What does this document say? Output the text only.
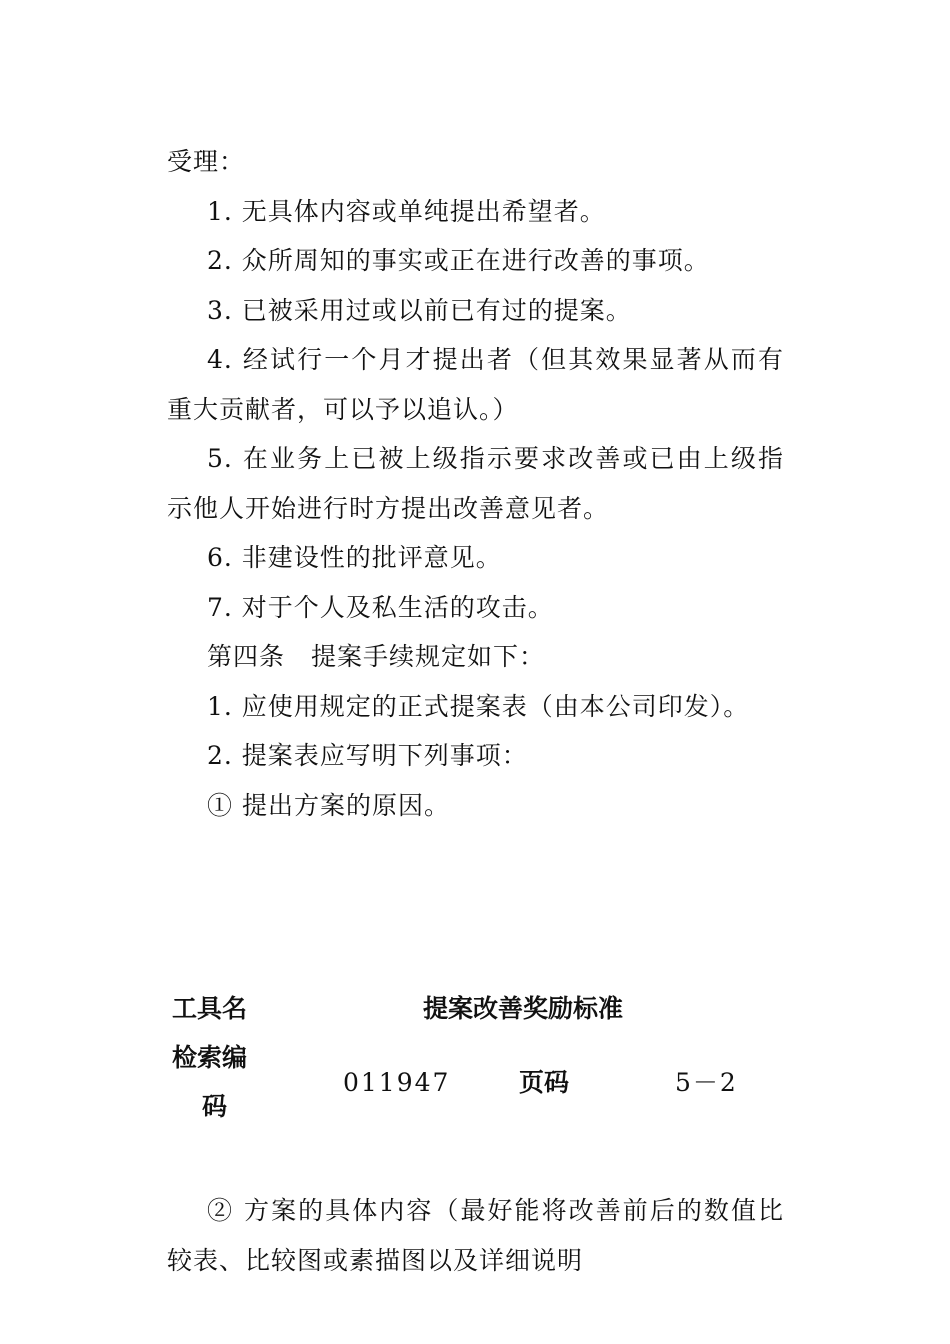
受理：

1. 无具体内容或单纯提出希望者。

2. 众所周知的事实或正在进行改善的事项。

3. 已被采用过或以前已有过的提案。

4. 经试行一个月才提出者（但其效果显著从而有重大贡献者，可以予以追认。）

5. 在业务上已被上级指示要求改善或已由上级指示他人开始进行时方提出改善意见者。

6. 非建设性的批评意见。

7. 对于个人及私生活的攻击。

第四条　提案手续规定如下：

1. 应使用规定的正式提案表（由本公司印发）。

2. 提案表应写明下列事项：

① 提出方案的原因。

工具名	提案改善奖励标准
检索编
码
011947	页码	5－2

② 方案的具体内容（最好能将改善前后的数值比较表、比较图或素描图以及详细说明
